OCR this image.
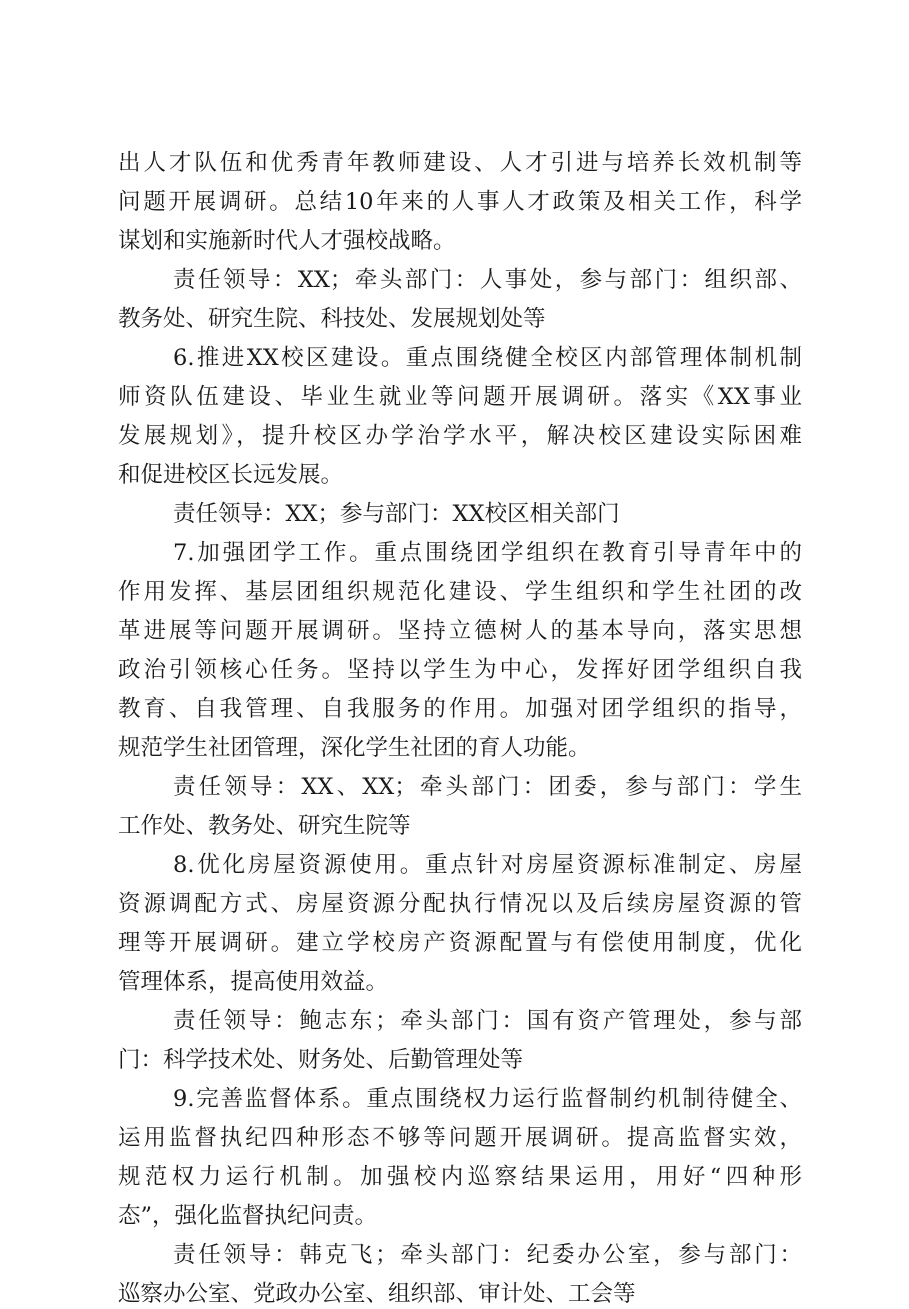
出人才队伍和优秀青年教师建设、人才引进与培养长效机制等
问题开展调研。总结10年来的人事人才政策及相关工作，科学
谋划和实施新时代人才强校战略。
责任领导：XX；牵头部门：人事处，参与部门：组织部、
教务处、研究生院、科技处、发展规划处等
6.推进XX校区建设。重点围绕健全校区内部管理体制机制
师资队伍建设、毕业生就业等问题开展调研。落实《XX事业
发展规划》，提升校区办学治学水平，解决校区建设实际困难
和促进校区长远发展。
责任领导：XX；参与部门：XX校区相关部门
7.加强团学工作。重点围绕团学组织在教育引导青年中的
作用发挥、基层团组织规范化建设、学生组织和学生社团的改
革进展等问题开展调研。坚持立德树人的基本导向，落实思想
政治引领核心任务。坚持以学生为中心，发挥好团学组织自我
教育、自我管理、自我服务的作用。加强对团学组织的指导，
规范学生社团管理，深化学生社团的育人功能。
责任领导：XX、XX；牵头部门：团委，参与部门：学生
工作处、教务处、研究生院等
8.优化房屋资源使用。重点针对房屋资源标准制定、房屋
资源调配方式、房屋资源分配执行情况以及后续房屋资源的管
理等开展调研。建立学校房产资源配置与有偿使用制度，优化
管理体系，提高使用效益。
责任领导：鲍志东；牵头部门：国有资产管理处，参与部
门：科学技术处、财务处、后勤管理处等
9.完善监督体系。重点围绕权力运行监督制约机制待健全、
运用监督执纪四种形态不够等问题开展调研。提高监督实效，
规范权力运行机制。加强校内巡察结果运用，用好“四种形
态”，强化监督执纪问责。
责任领导：韩克飞；牵头部门：纪委办公室，参与部门：
巡察办公室、党政办公室、组织部、审计处、工会等
